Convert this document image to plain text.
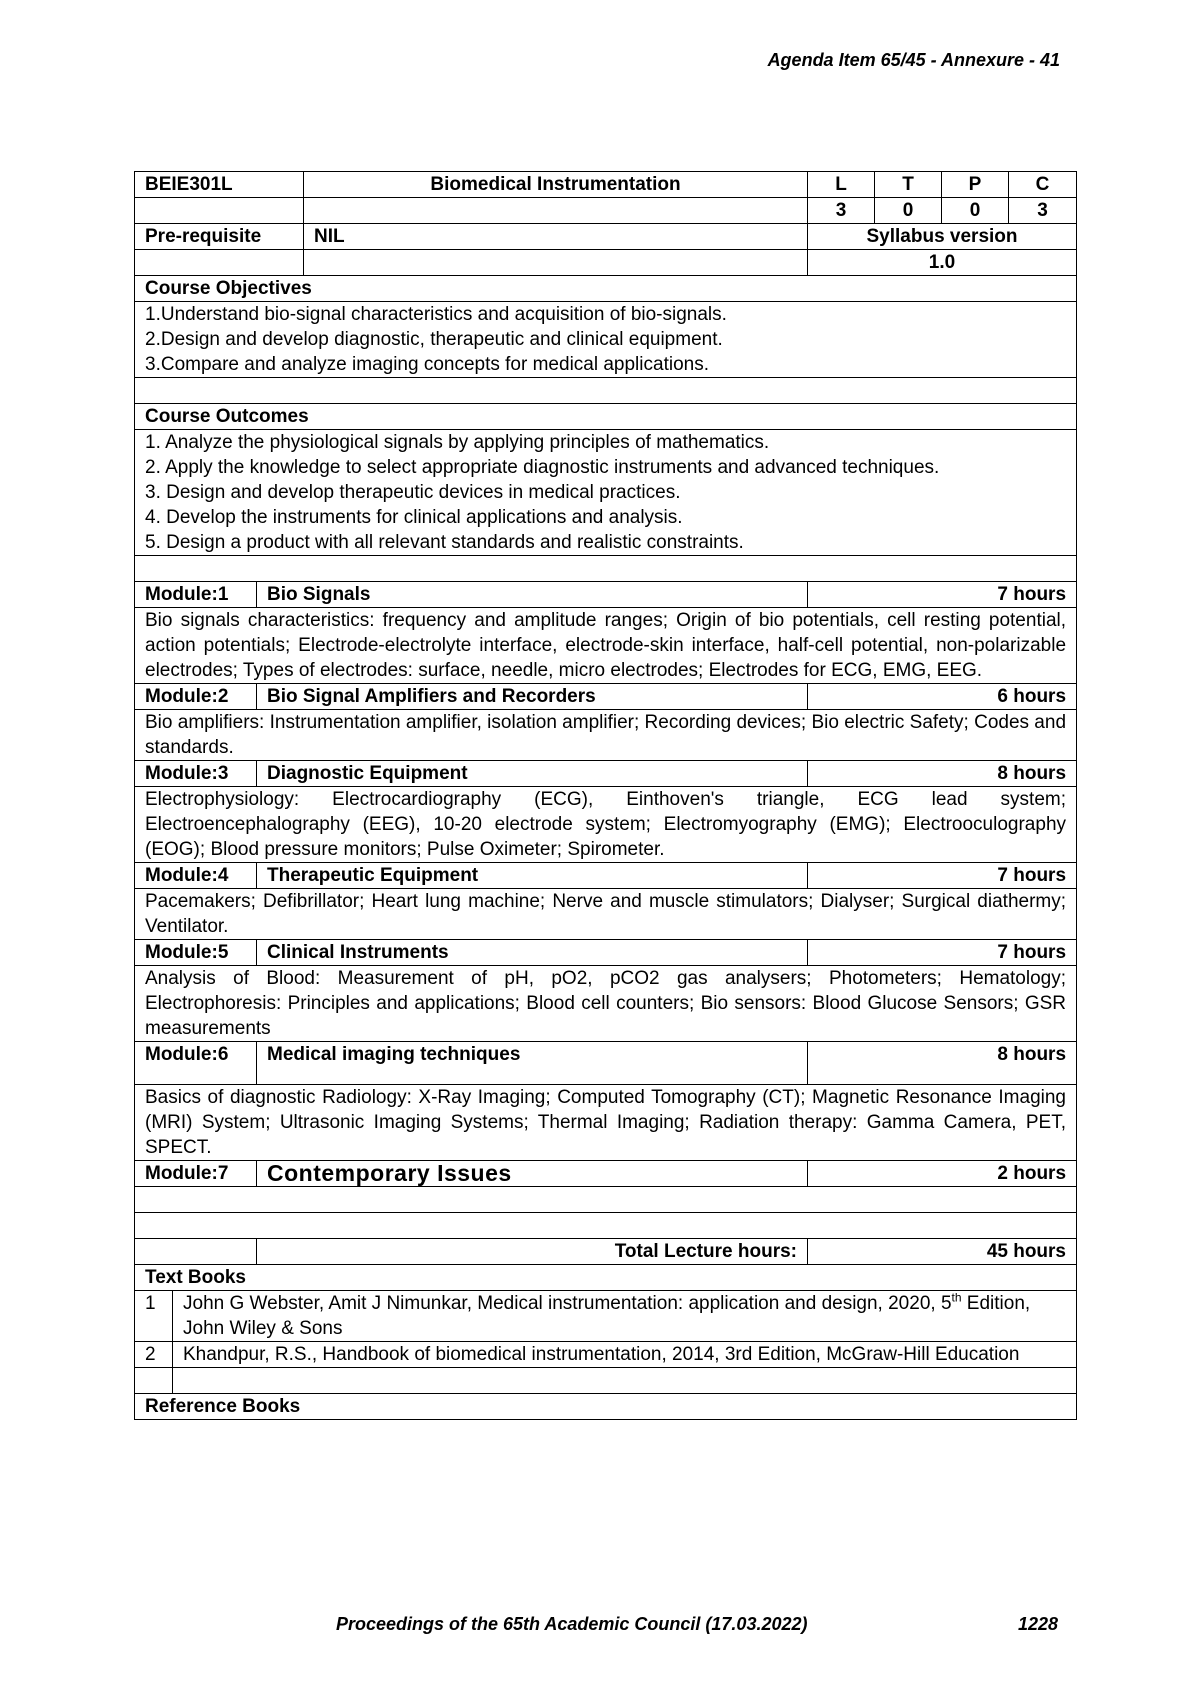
Agenda Item 65/45 - Annexure - 41
BEIE301L			Biomedical Instrumentation	L	T	P	C
				3	0	0	3
Pre-requisite			NIL	Syllabus version			
				1.0			
Course Objectives							

1.Understand bio-signal characteristics and acquisition of bio-signals.
2.Design and develop diagnostic, therapeutic and clinical equipment.
3.Compare and analyze imaging concepts for medical applications.							

Course Outcomes							

1. Analyze the physiological signals by applying principles of mathematics.
2. Apply the knowledge to select appropriate diagnostic instruments and advanced techniques.
3. Design and develop therapeutic devices in medical practices.
4. Develop the instruments for clinical applications and analysis.
5. Design a product with all relevant standards and realistic constraints.							

Module:1		Bio Signals		7 hours			
Bio signals characteristics: frequency and amplitude ranges; Origin of bio potentials, cell resting potential, action potentials; Electrode-electrolyte interface, electrode-skin interface, half-cell potential, non-polarizable electrodes; Types of electrodes: surface, needle, micro electrodes; Electrodes for ECG, EMG, EEG.							
Module:2		Bio Signal Amplifiers and Recorders		6 hours			
Bio amplifiers: Instrumentation amplifier, isolation amplifier; Recording devices; Bio electric Safety; Codes and standards.							
Module:3		Diagnostic Equipment		8 hours			
Electrophysiology: Electrocardiography (ECG), Einthoven's triangle, ECG lead system; Electroencephalography (EEG), 10-20 electrode system; Electromyography (EMG); Electrooculography (EOG); Blood pressure monitors; Pulse Oximeter; Spirometer.							
Module:4		Therapeutic Equipment		7 hours			
Pacemakers; Defibrillator; Heart lung machine; Nerve and muscle stimulators; Dialyser; Surgical diathermy; Ventilator.							
Module:5		Clinical Instruments		7 hours			
Analysis of Blood: Measurement of pH, pO2, pCO2 gas analysers; Photometers; Hematology; Electrophoresis: Principles and applications; Blood cell counters; Bio sensors: Blood Glucose Sensors; GSR measurements							
Module:6		Medical imaging techniques		8 hours			
Basics of diagnostic Radiology: X-Ray Imaging; Computed Tomography (CT); Magnetic Resonance Imaging (MRI) System; Ultrasonic Imaging Systems; Thermal Imaging; Radiation therapy: Gamma Camera, PET, SPECT.							
Module:7		Contemporary Issues		2 hours			

		Total Lecture hours:		45 hours			
Text Books							
1	John G Webster, Amit J Nimunkar, Medical instrumentation: application and design, 2020, 5th Edition, John Wiley & Sons						
2	Khandpur, R.S., Handbook of biomedical instrumentation, 2014, 3rd Edition, McGraw-Hill Education						

Reference Books							
Proceedings of the 65th Academic Council (17.03.2022)	1228
